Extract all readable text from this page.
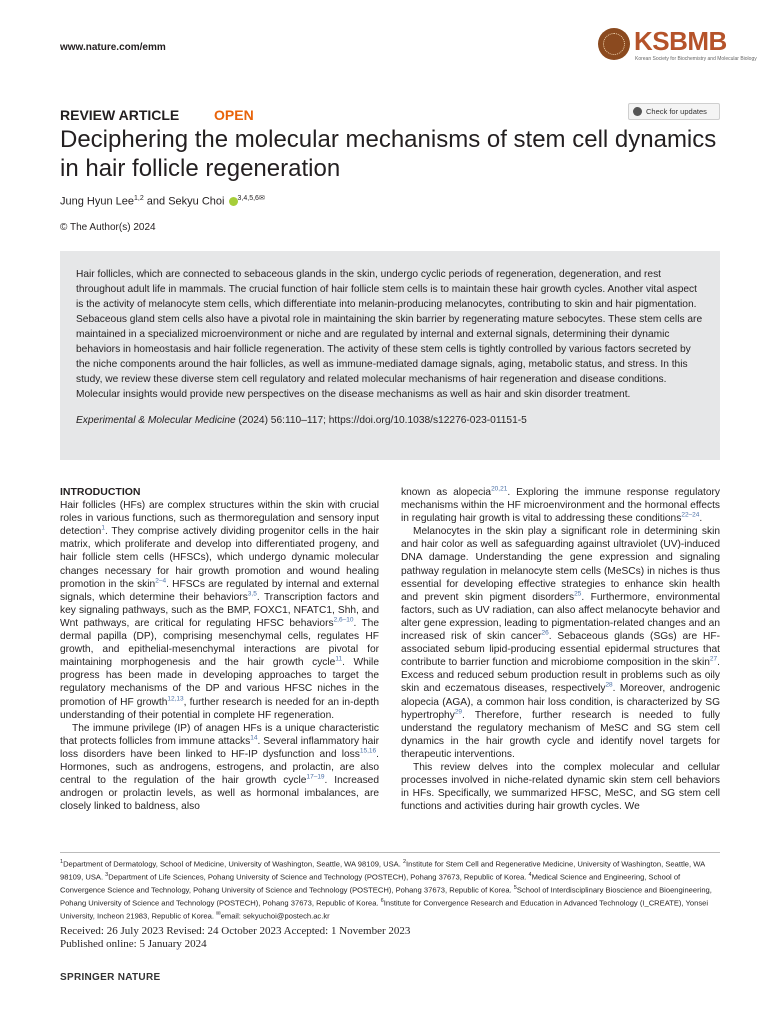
www.nature.com/emm	KSBMB
Korean Society for Biochemistry and Molecular Biology
REVIEW ARTICLE OPEN	Check for updates
Deciphering the molecular mechanisms of stem cell dynamics in hair follicle regeneration
Jung Hyun Lee$^{1,2}$ and Sekyu Choi $^{3,4,5,6✉}$
© The Author(s) 2024
Hair follicles, which are connected to sebaceous glands in the skin, undergo cyclic periods of regeneration, degeneration, and rest throughout adult life in mammals. The crucial function of hair follicle stem cells is to maintain these hair growth cycles. Another vital aspect is the activity of melanocyte stem cells, which differentiate into melanin-producing melanocytes, contributing to skin and hair pigmentation. Sebaceous gland stem cells also have a pivotal role in maintaining the skin barrier by regenerating mature sebocytes. These stem cells are maintained in a specialized microenvironment or niche and are regulated by internal and external signals, determining their dynamic behaviors in homeostasis and hair follicle regeneration. The activity of these stem cells is tightly controlled by various factors secreted by the niche components around the hair follicles, as well as immune-mediated damage signals, aging, metabolic status, and stress. In this study, we review these diverse stem cell regulatory and related molecular mechanisms of hair regeneration and disease conditions. Molecular insights would provide new perspectives on the disease mechanisms as well as hair and skin disorder treatment.
Experimental & Molecular Medicine (2024) 56:110–117; https://doi.org/10.1038/s12276-023-01151-5
INTRODUCTION

Hair follicles (HFs) are complex structures within the skin with crucial roles in various functions, such as thermoregulation and sensory input detection$^1$. They comprise actively dividing progenitor cells in the hair matrix, which proliferate and develop into differentiated progeny, and hair follicle stem cells (HFSCs), which undergo dynamic molecular changes necessary for hair growth promotion and wound healing promotion in the skin$^{2-4}$. HFSCs are regulated by internal and external signals, which determine their behaviors$^{3,5}$. Transcription factors and key signaling pathways, such as the BMP, FOXC1, NFATC1, Shh, and Wnt pathways, are critical for regulating HFSC behaviors$^{2,6-10}$. The dermal papilla (DP), comprising mesenchymal cells, regulates HF growth, and epithelial-mesenchymal interactions are pivotal for maintaining morphogenesis and the hair growth cycle$^{11}$. While progress has been made in developing approaches to target the regulatory mechanisms of the DP and various HFSC niches in the promotion of HF growth$^{12,13}$, further research is needed for an in-depth understanding of their potential in complete HF regeneration.

The immune privilege (IP) of anagen HFs is a unique characteristic that protects follicles from immune attacks$^{14}$. Several inflammatory hair loss disorders have been linked to HF-IP dysfunction and loss$^{15,16}$. Hormones, such as androgens, estrogens, and prolactin, are also central to the regulation of the hair growth cycle$^{17-19}$. Increased androgen or prolactin levels, as well as hormonal imbalances, are closely linked to baldness, also

known as alopecia$^{20,21}$. Exploring the immune response regulatory mechanisms within the HF microenvironment and the hormonal effects in regulating hair growth is vital to addressing these conditions$^{22-24}$.

Melanocytes in the skin play a significant role in determining skin and hair color as well as safeguarding against ultraviolet (UV)-induced DNA damage. Understanding the gene expression and signaling pathway regulation in melanocyte stem cells (MeSCs) in niches is thus essential for developing effective strategies to enhance skin health and prevent skin pigment disorders$^{25}$. Furthermore, environmental factors, such as UV radiation, can also affect melanocyte behavior and alter gene expression, leading to pigmentation-related changes and an increased risk of skin cancer$^{26}$. Sebaceous glands (SGs) are HF-associated sebum lipid-producing essential epidermal structures that contribute to barrier function and microbiome composition in the skin$^{27}$. Excess and reduced sebum production result in problems such as oily skin and eczematous diseases, respectively$^{28}$. Moreover, androgenic alopecia (AGA), a common hair loss condition, is characterized by SG hypertrophy$^{29}$. Therefore, further research is needed to fully understand the regulatory mechanism of MeSC and SG stem cell dynamics in the hair growth cycle and identify novel targets for therapeutic interventions.

This review delves into the complex molecular and cellular processes involved in niche-related dynamic skin stem cell behaviors in HFs. Specifically, we summarized HFSC, MeSC, and SG stem cell functions and activities during hair growth cycles. We

$^1$Department of Dermatology, School of Medicine, University of Washington, Seattle, WA 98109, USA. $^2$Institute for Stem Cell and Regenerative Medicine, University of Washington, Seattle, WA 98109, USA. $^3$Department of Life Sciences, Pohang University of Science and Technology (POSTECH), Pohang 37673, Republic of Korea. $^4$Medical Science and Engineering, School of Convergence Science and Technology, Pohang University of Science and Technology (POSTECH), Pohang 37673, Republic of Korea. $^5$School of Interdisciplinary Bioscience and Bioengineering, Pohang University of Science and Technology (POSTECH), Pohang 37673, Republic of Korea. $^6$Institute for Convergence Research and Education in Advanced Technology (I_CREATE), Yonsei University, Incheon 21983, Republic of Korea. ✉email: sekyuchoi@postech.ac.kr
Received: 26 July 2023 Revised: 24 October 2023 Accepted: 1 November 2023
Published online: 5 January 2024
SPRINGER NATURE
